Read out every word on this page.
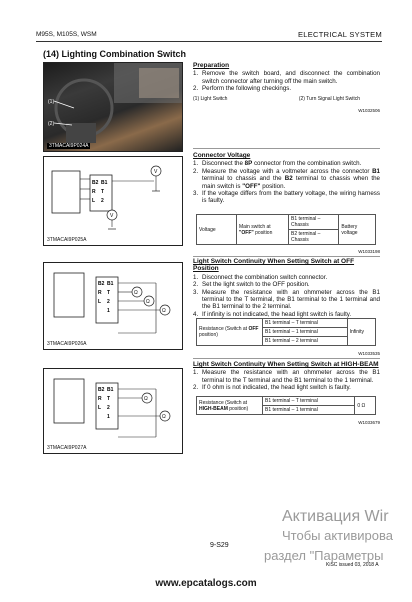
M95S, M105S, WSM	ELECTRICAL SYSTEM
(14) Lighting Combination Switch
(1)
(2)
3TMACAI9P024A
B2 B1
R T
L 2
V
V
3TMACAI9P025A
B2 B1
R T
L 2
1
Ω
Ω
Ω
3TMACAI9P026A
B2 B1
R T
L 2
1
Ω
Ω
3TMACAI9P027A
Preparation
1. Remove the switch board, and disconnect the combination switch connector after turning off the main switch.
2. Perform the following checkings.
(1) Light Switch	(2) Turn Signal Light Switch
W1032506
Connector Voltage
1. Disconnect the 8P connector from the combination switch.
2. Measure the voltage with a voltmeter across the connector B1 terminal to chassis and the B2 terminal to chassis when the main switch is "OFF" position.
3. If the voltage differs from the battery voltage, the wiring harness is faulty.
Voltage	Main switch at
"OFF" position	B1 terminal – Chassis	Battery voltage
B2 terminal – Chassis
W1033198
Light Switch Continuity When Setting Switch at OFF Position
1. Disconnect the combination switch connector.
2. Set the light switch to the OFF position.
3. Measure the resistance with an ohmmeter across the B1 terminal to the T terminal, the B1 terminal to the 1 terminal and the B1 terminal to the 2 terminal.
4. If infinity is not indicated, the head light switch is faulty.
Resistance (Switch at OFF position)	B1 terminal – T terminal	Infinity
B1 terminal – 1 terminal
B1 terminal – 2 terminal
W1033535
Light Switch Continuity When Setting Switch at HIGH-BEAM
1. Measure the resistance with an ohmmeter across the B1 terminal to the T terminal and the B1 terminal to the 1 terminal.
2. If 0 ohm is not indicated, the head light switch is faulty.
Resistance (Switch at HIGH-BEAM position)	B1 terminal – T terminal	0 Ω
B1 terminal – 1 terminal
W1033679
Активация Wir
Чтобы активирова
раздел "Параметры
9-S29
KiSC issued 03, 2018 A
www.epcatalogs.com
